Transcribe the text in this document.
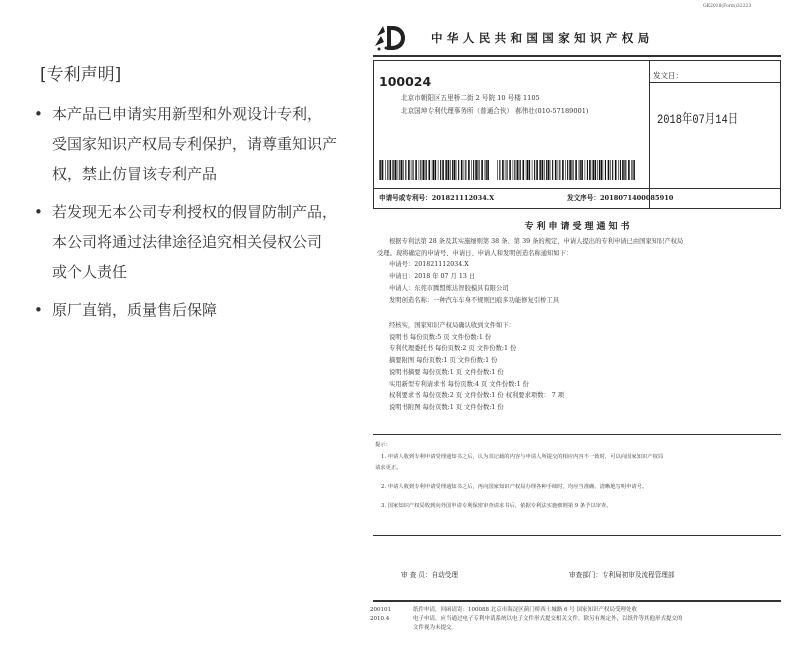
[专利声明]
• 本产品已申请实用新型和外观设计专利，
受国家知识产权局专利保护，请尊重知识产
权，禁止仿冒该专利产品
• 若发现无本公司专利授权的假冒防制产品，
本公司将通过法律途径追究相关侵权公司
或个人责任
• 原厂直销，质量售后保障
GK2018(Form)32223
中华人民共和国国家知识产权局
100024
北京市朝阳区五里桥二街 2 号院 10 号楼 1105
北京国坤专利代理事务所（普通合伙） 郝伟壮(010-57189001)
发文日：
2018年07月14日
申请号或专利号：201821112034.X	发文序号：2018071400085910
专利申请受理通知书

根据专利法第 28 条及其实施细则第 38 条、第 39 条的规定，申请人提出的专利申请已由国家知识产权局

受理。现将确定的申请号、申请日、申请人和发明创造名称通知如下：

申请号：201821112034.X

申请日：2018 年 07 月 13 日

申请人：东莞市腾盟炼达智胶模具有限公司

发明创造名称：一种汽车车身不规则凹痕多功能修复引桥工具

经核实，国家知识产权局确认收到文件如下：

说明书 每份页数:5 页 文件份数:1 份

专利代理委托书 每份页数:2 页 文件份数:1 份

摘要附图 每份页数:1 页 文件份数:1 份

说明书摘要 每份页数:1 页 文件份数:1 份

实用新型专利请求书 每份页数:4 页 文件份数:1 份

权利要求书 每份页数:2 页 文件份数:1 份 权利要求项数： 7 项

说明书附图 每份页数:1 页 文件份数:1 份

提示：

1. 申请人收到专利申请受理通知书之后，认为其记载的内容与申请人所提交的相应内容不一致时，可以向国家知识产权局

请求更正。

2. 申请人收到专利申请受理通知书之后，再向国家知识产权局办理各种手续时，均应当准确、清晰地写明申请号。

3. 国家知识产权局收到向外国申请专利保密审查请求书后，依据专利法实施细则第 9 条予以审查。

审 查 员：自动受理	审查部门：专利局初审及流程管理部
200101	纸件申请，回函请寄：100088 北京市海淀区蓟门桥西土城路 6 号 国家知识产权局受理处收
2010.4	电子申请，应当通过电子专利申请系统以电子文件形式提交相关文件。除另有规定外，以纸件等其他形式提交的
文件视为未提交。
